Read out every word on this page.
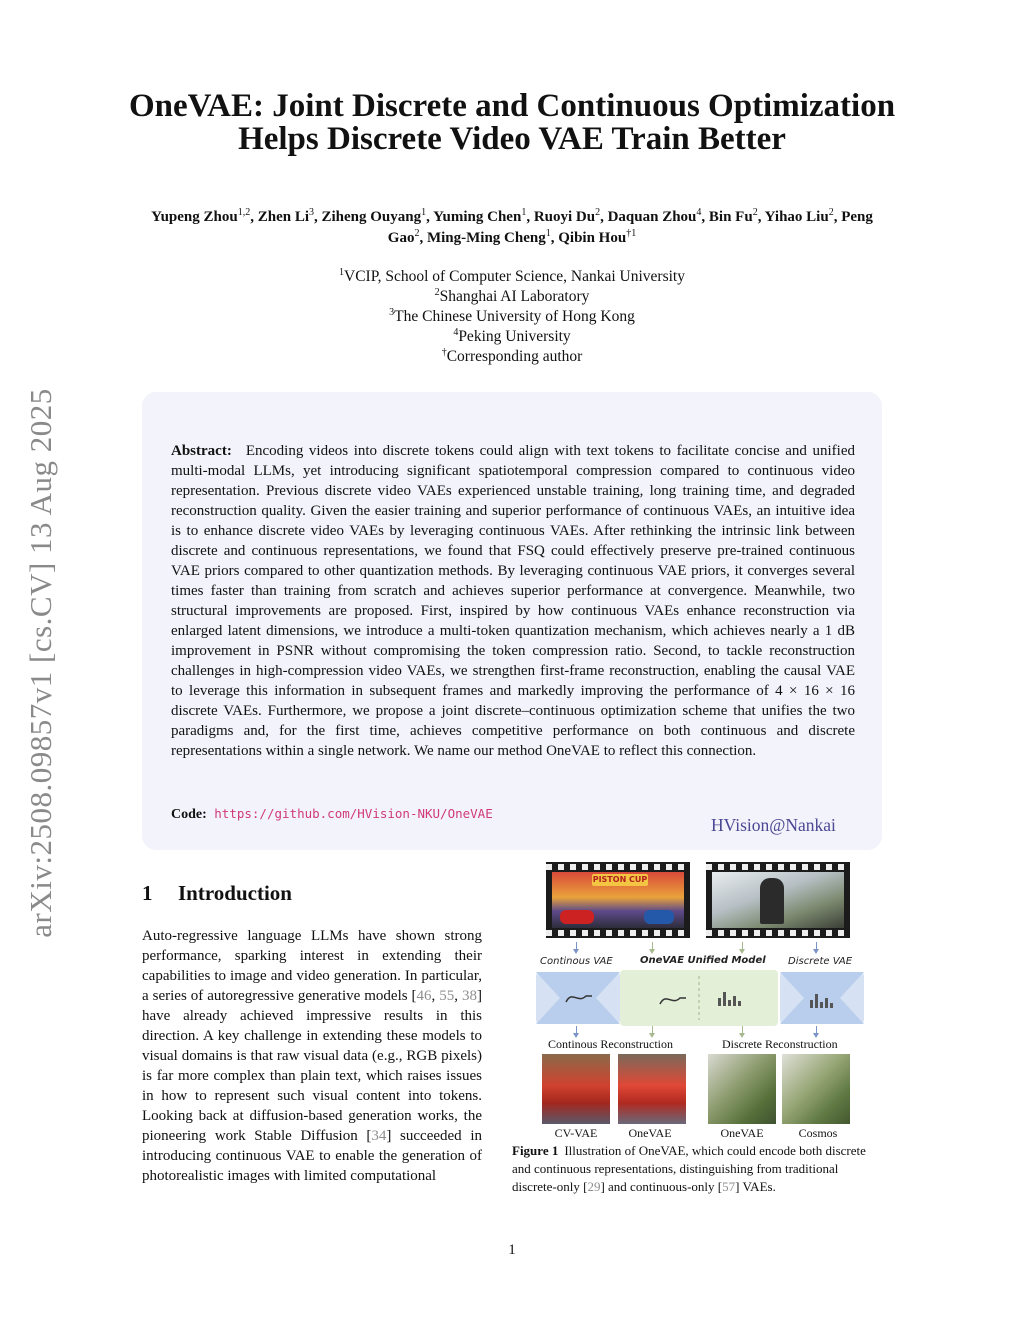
arXiv:2508.09857v1 [cs.CV] 13 Aug 2025
OneVAE: Joint Discrete and Continuous Optimization Helps Discrete Video VAE Train Better
Yupeng Zhou$^{1,2}$, Zhen Li$^3$, Ziheng Ouyang$^1$, Yuming Chen$^1$, Ruoyi Du$^2$, Daquan Zhou$^4$, Bin Fu$^2$, Yihao Liu$^2$, Peng Gao$^2$, Ming-Ming Cheng$^1$, Qibin Hou$^{\dagger 1}$
$^1$VCIP, School of Computer Science, Nankai University
$^2$Shanghai AI Laboratory
$^3$The Chinese University of Hong Kong
$^4$Peking University
†Corresponding author
Abstract: Encoding videos into discrete tokens could align with text tokens to facilitate concise and unified multi-modal LLMs, yet introducing significant spatiotemporal compression compared to continuous video representation. Previous discrete video VAEs experienced unstable training, long training time, and degraded reconstruction quality. Given the easier training and superior performance of continuous VAEs, an intuitive idea is to enhance discrete video VAEs by leveraging continuous VAEs. After rethinking the intrinsic link between discrete and continuous representations, we found that FSQ could effectively preserve pre-trained continuous VAE priors compared to other quantization methods. By leveraging continuous VAE priors, it converges several times faster than training from scratch and achieves superior performance at convergence. Meanwhile, two structural improvements are proposed. First, inspired by how continuous VAEs enhance reconstruction via enlarged latent dimensions, we introduce a multi-token quantization mechanism, which achieves nearly a 1 dB improvement in PSNR without compromising the token compression ratio. Second, to tackle reconstruction challenges in high-compression video VAEs, we strengthen first-frame reconstruction, enabling the causal VAE to leverage this information in subsequent frames and markedly improving the performance of 4 × 16 × 16 discrete VAEs. Furthermore, we propose a joint discrete–continuous optimization scheme that unifies the two paradigms and, for the first time, achieves competitive performance on both continuous and discrete representations within a single network. We name our method OneVAE to reflect this connection.
Code: https://github.com/HVision-NKU/OneVAE
HVision@Nankai
1 Introduction
Auto-regressive language LLMs have shown strong performance, sparking interest in extending their capabilities to image and video generation. In particular, a series of autoregressive generative models [46, 55, 38] have already achieved impressive results in this direction. A key challenge in extending these models to visual domains is that raw visual data (e.g., RGB pixels) is far more complex than plain text, which raises issues in how to represent such visual content into tokens. Looking back at diffusion-based generation works, the pioneering work Stable Diffusion [34] succeeded in introducing continuous VAE to enable the generation of photorealistic images with limited computational
PISTON CUP
Continous VAE	OneVAE Unified Model Discrete VAE
Continous Reconstruction	Discrete Reconstruction
CV-VAE	OneVAE	OneVAE	Cosmos
Figure 1 Illustration of OneVAE, which could encode both discrete and continuous representations, distinguishing from traditional discrete-only [29] and continuous-only [57] VAEs.
1
